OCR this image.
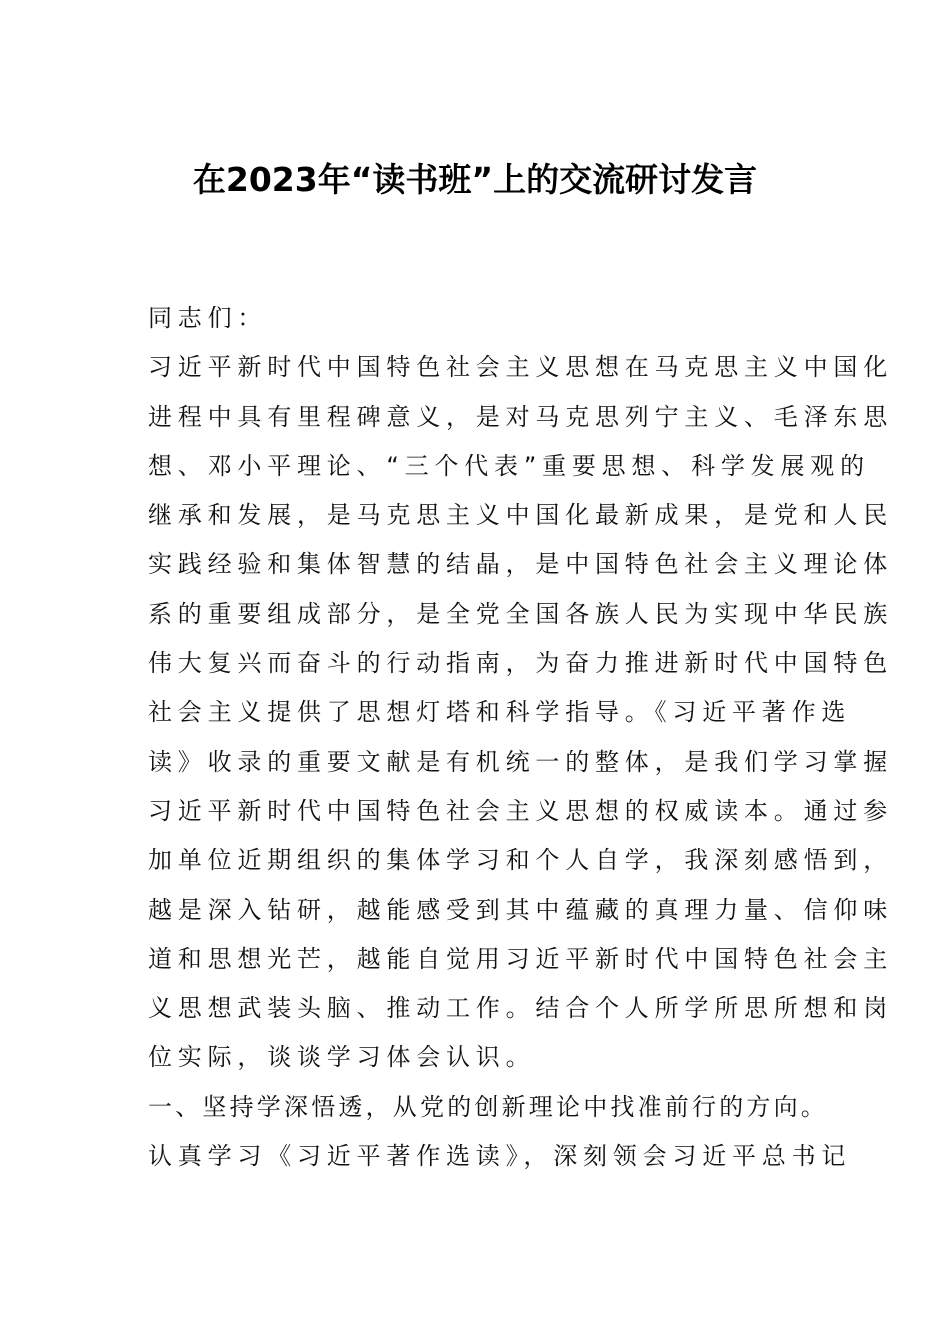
在2023年“读书班”上的交流研讨发言

同志们：

习近平新时代中国特色社会主义思想在马克思主义中国化

进程中具有里程碑意义，是对马克思列宁主义、毛泽东思

想、邓小平理论、“三个代表”重要思想、科学发展观的

继承和发展，是马克思主义中国化最新成果，是党和人民

实践经验和集体智慧的结晶，是中国特色社会主义理论体

系的重要组成部分，是全党全国各族人民为实现中华民族

伟大复兴而奋斗的行动指南，为奋力推进新时代中国特色

社会主义提供了思想灯塔和科学指导。《习近平著作选

读》收录的重要文献是有机统一的整体，是我们学习掌握

习近平新时代中国特色社会主义思想的权威读本。通过参

加单位近期组织的集体学习和个人自学，我深刻感悟到，

越是深入钻研，越能感受到其中蕴藏的真理力量、信仰味

道和思想光芒，越能自觉用习近平新时代中国特色社会主

义思想武装头脑、推动工作。结合个人所学所思所想和岗

位实际，谈谈学习体会认识。

一、坚持学深悟透，从党的创新理论中找准前行的方向。

认真学习《习近平著作选读》，深刻领会习近平总书记
